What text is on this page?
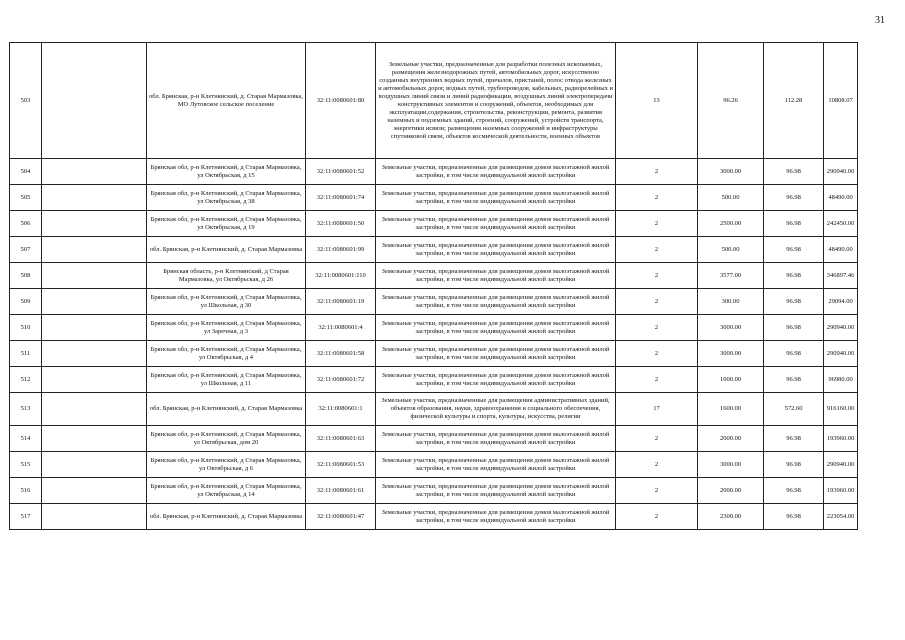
31
503		обл. Брянская, р-н Клетнянский, д. Старая Мармазовка, МО Лутовское сельское поселение	32:11:0080601:80	Земельные участки, предназначенные для разработки полезных ископаемых, размещения железнодорожных путей, автомобильных дорог, искусственно созданных внутренних водных путей, причалов, пристаней, полос отвода железных и автомобильных дорог, водных путей, трубопроводов, кабельных, радиорелейных и воздушных линий связи и линий радиофикации, воздушных линий электропередачи конструктивных элементов и сооружений, объектов, необходимых для эксплуатации,содержания, строительства, реконструкции, ремонта, развития наземных и подземных зданий, строений, сооружений, устройств транспорта, энергетики исвязи; размещения наземных сооружений и инфраструктуры спутниковой связи, объектов космической деятельности, военных объектов	13	96.26	112.28	10808.07
504		Брянская обл, р-н Клетнянский, д Старая Мармазовка, ул Октябрьская, д 15	32:11:0080601:52	Земельные участки, предназначенные для размещения домов малоэтажной жилой застройки, в том числе индивидуальной жилой застройки	2	3000.00	96.98	290940.00
505		Брянская обл, р-н Клетнянский, д Старая Мармазовка, ул Октябрьская, д 38	32:11:0080601:74	Земельные участки, предназначенные для размещения домов малоэтажной жилой застройки, в том числе индивидуальной жилой застройки	2	500.00	96.98	48490.00
506		Брянская обл, р-н Клетнянский, д Старая Мармазовка, ул Октябрьская, д 19	32:11:0080601:50	Земельные участки, предназначенные для размещения домов малоэтажной жилой застройки, в том числе индивидуальной жилой застройки	2	2500.00	96.98	242450.00
507		обл. Брянская, р-н Клетнянский, д. Старая Мармазовка	32:11:0080601:99	Земельные участки, предназначенные для размещения домов малоэтажной жилой застройки, в том числе индивидуальной жилой застройки	2	500.00	96.98	48490.00
508		Брянская область, р-н Клетнянский, д Старая Мармазовка, ул Октябрьская, д 26	32:11:0080601:110	Земельные участки, предназначенные для размещения домов малоэтажной жилой застройки, в том числе индивидуальной жилой застройки	2	3577.00	96.98	346897.46
509		Брянская обл, р-н Клетнянский, д Старая Мармазовка, ул Школьная, д 30	32:11:0080601:19	Земельные участки, предназначенные для размещения домов малоэтажной жилой застройки, в том числе индивидуальной жилой застройки	2	300.00	96.98	29094.00
510		Брянская обл, р-н Клетнянский, д Старая Мармазовка, ул Заречная, д 3	32:11:0080601:4	Земельные участки, предназначенные для размещения домов малоэтажной жилой застройки, в том числе индивидуальной жилой застройки	2	3000.00	96.98	290940.00
511		Брянская обл, р-н Клетнянский, д Старая Мармазовка, ул Октябрьская, д 4	32:11:0080601:58	Земельные участки, предназначенные для размещения домов малоэтажной жилой застройки, в том числе индивидуальной жилой застройки	2	3000.00	96.98	290940.00
512		Брянская обл, р-н Клетнянский, д Старая Мармазовка, ул Школьная, д 11	32:11:0080601:72	Земельные участки, предназначенные для размещения домов малоэтажной жилой застройки, в том числе индивидуальной жилой застройки	2	1000.00	96.98	96980.00
513		обл. Брянская, р-н Клетнянский, д. Старая Мармазовка	32:11:0080601:1	Земельные участки, предназначенные для размещения административных зданий, объектов образования, науки, здравоохранения и социального обеспечения, физической культуры и спорта, культуры, искусства, религии	17	1600.00	572.60	916160.00
514		Брянская обл, р-н Клетнянский, д Старая Мармазовка, ул Октябрьская, дом 20	32:11:0080601:63	Земельные участки, предназначенные для размещения домов малоэтажной жилой застройки, в том числе индивидуальной жилой застройки	2	2000.00	96.98	193960.00
515		Брянская обл, р-н Клетнянский, д Старая Мармазовка, ул Октябрьская, д 6	32:11:0080601:53	Земельные участки, предназначенные для размещения домов малоэтажной жилой застройки, в том числе индивидуальной жилой застройки	2	3000.00	96.98	290940.00
516		Брянская обл, р-н Клетнянский, д Старая Мармазовка, ул Октябрьская, д 14	32:11:0080601:61	Земельные участки, предназначенные для размещения домов малоэтажной жилой застройки, в том числе индивидуальной жилой застройки	2	2000.00	96.98	193960.00
517		обл. Брянская, р-н Клетнянский, д. Старая Мармазовка	32:11:0080601:47	Земельные участки, предназначенные для размещения домов малоэтажной жилой застройки, в том числе индивидуальной жилой застройки	2	2300.00	96.98	223054.00
